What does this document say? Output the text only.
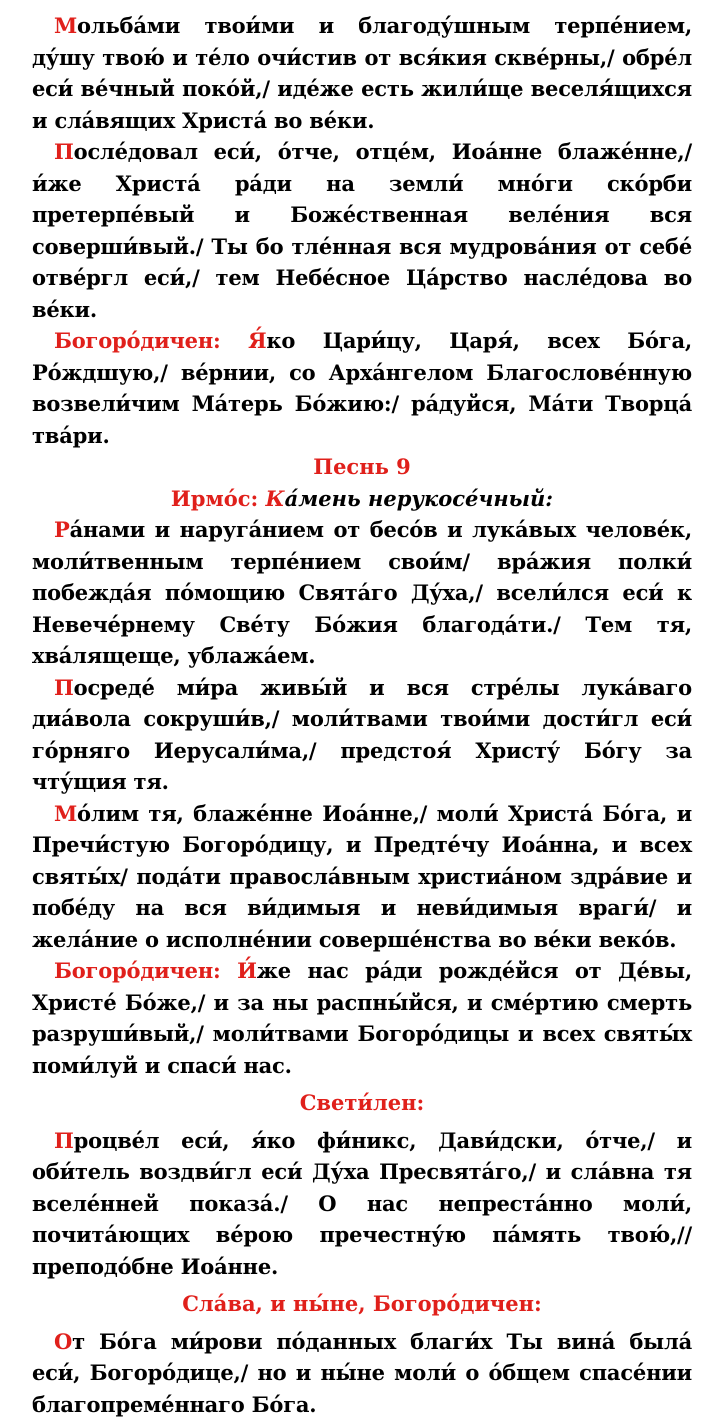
Мольба́ми твои́ми и благоду́шным терпе́нием, ду́шу твою́ и те́ло очи́стив от вся́кия скве́рны,/ обре́л еси́ ве́чный поко́й,/ иде́же есть жили́ще веселя́щихся и сла́вящих Христа́ во ве́ки.

После́довал еси́, о́тче, отце́м, Иоа́нне блаже́нне,/ и́же Христа́ ра́ди на земли́ мно́ги ско́рби претерпе́вый и Боже́ственная веле́ния вся соверши́вый./ Ты бо тле́нная вся мудрова́ния от себе́ отве́ргл еси́,/ тем Небе́сное Ца́рство насле́дова во ве́ки.

Богоро́дичен: Я́ко Цари́цу, Царя́, всех Бо́га, Ро́ждшую,/ ве́рнии, со Арха́нгелом Благослове́нную возвели́чим Ма́терь Бо́жию:/ ра́дуйся, Ма́ти Творца́ тва́ри.

Песнь 9

Ирмо́с: Ка́мень нерукосе́чный:

Ра́нами и наруга́нием от бесо́в и лука́вых челове́к, моли́твенным терпе́нием свои́м/ вра́жия полки́ побежда́я по́мощию Свята́го Ду́ха,/ всели́лся еси́ к Невече́рнему Све́ту Бо́жия благода́ти./ Тем тя, хва́лящеще, ублажа́ем.

Посреде́ ми́ра живы́й и вся стре́лы лука́ваго диа́вола сокруши́в,/ моли́твами твои́ми дости́гл еси́ го́рняго Иерусали́ма,/ предстоя́ Христу́ Бо́гу за чту́щия тя.

Мо́лим тя, блаже́нне Иоа́нне,/ моли́ Христа́ Бо́га, и Пречи́стую Богоро́дицу, и Предте́чу Иоа́нна, и всех святы́х/ пода́ти правосла́вным христиа́ном здра́вие и побе́ду на вся ви́димыя и неви́димыя враги́/ и жела́ние о исполне́нии соверше́нства во ве́ки веко́в.

Богоро́дичен: И́же нас ра́ди рожде́йся от Де́вы, Христе́ Бо́же,/ и за ны распны́йся, и сме́ртию смерть разруши́вый,/ моли́твами Богоро́дицы и всех святы́х поми́луй и спаси́ нас.

Свети́лен:

Процве́л еси́, я́ко фи́никс, Дави́дски, о́тче,/ и оби́тель воздви́гл еси́ Ду́ха Пресвята́го,/ и сла́вна тя вселе́нней показа́./ О нас непреста́нно моли́, почита́ющих ве́рою пречестну́ю па́мять твою́,// преподо́бне Иоа́нне.

Сла́ва, и ны́не, Богоро́дичен:

От Бо́га ми́рови по́данных благи́х Ты вина́ была́ еси́, Богоро́дице,/ но и ны́не моли́ о о́бщем спасе́нии благопреме́ннаго Бо́га.
